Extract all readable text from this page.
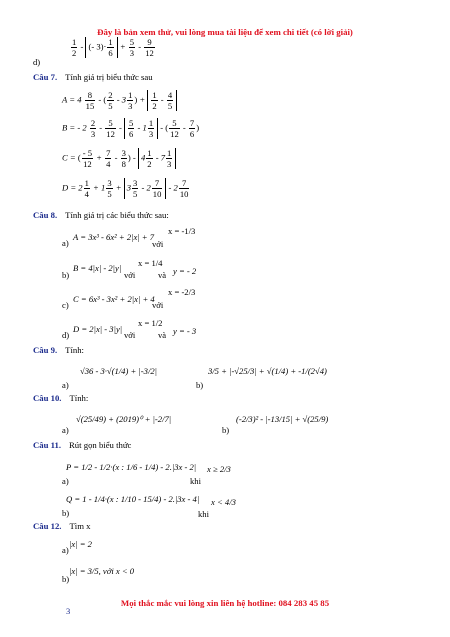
Đây là bản xem thử, vui lòng mua tài liệu để xem chi tiết (có lời giải)
d)
$\frac{1}{2}$ - (- $3)\cdot \frac{1}{6} + \frac{5}{3} - \frac{9}{12}$
Câu 7. Tính giá trị biểu thức sau
$A = 4 \frac{8}{15}$ - ( $\frac{2}{5} - 3 \frac{1}{3}$ ) + $\frac{1}{2} - \frac{4}{5}$
B = - $2 \frac{2}{3} - \frac{5}{12} - \frac{5}{6} - 1 \frac{1}{3}$ - ( $\frac{5}{12} - \frac{7}{6}$ )
C = ( $\frac{- 5}{12} + \frac{7}{4} - \frac{3}{8}$ ) - $4 \frac{1}{2} - 7 \frac{1}{3}$
$D = 2 \frac{1}{4} + 1 \frac{3}{5} + 3 \frac{3}{5} - 2 \frac{7}{10} - 2 \frac{7}{10}$
Câu 8. Tính giá trị các biểu thức sau:
a)
A = 3x³ - 6x² + 2|x| + 7
với
x = -1/3
b)
B = 4|x| - 2|y|
với
x = 1/4
và y = - 2
c)
C = 6x³ - 3x² + 2|x| + 4
với
x = -2/3
d)
D = 2|x| - 3|y|
với
x = 1/2
và y = - 3
Câu 9. Tính:
a)
√36 - 3·√(1/4) + |-3/2|
b)
3/5 + |-√25/3| + √(1/4) + -1/(2√4)
Câu 10. Tính:
a)
√(25/49) + (2019)⁰ + |-2/7|
b)
(-2/3)² - |-13/15| + √(25/9)
Câu 11. Rút gọn biểu thức
a)
P = 1/2 - 1/2·(x : 1/6 - 1/4) - 2.|3x - 2|
khi
x ≥ 2/3
b)
Q = 1 - 1/4·(x : 1/10 - 15/4) - 2.|3x - 4|
khi
x < 4/3
Câu 12. Tìm x
a)
|x| = 2
b)
|x| = 3/5, với x < 0
Mọi thắc mắc vui lòng xin liên hệ hotline: 084 283 45 85
3
